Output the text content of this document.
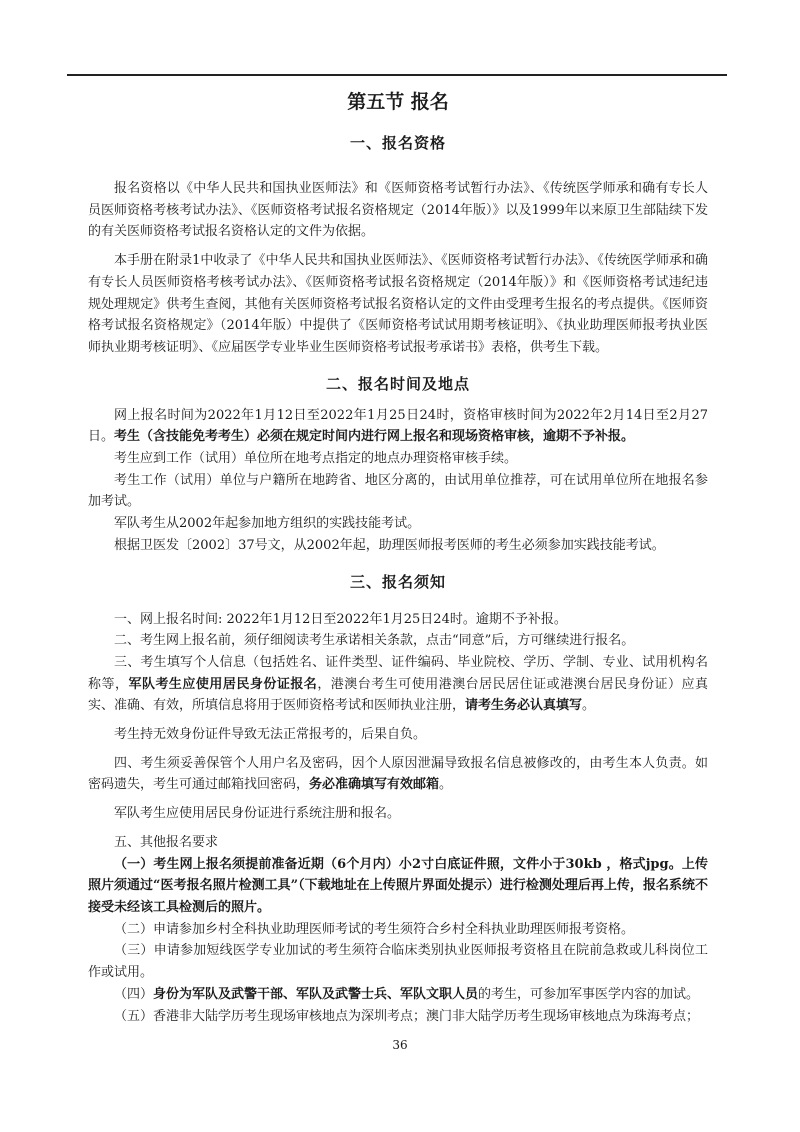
第五节 报名
一、报名资格

报名资格以《中华人民共和国执业医师法》和《医师资格考试暂行办法》、《传统医学师承和确有专长人员医师资格考核考试办法》、《医师资格考试报名资格规定（2014年版）》以及1999年以来原卫生部陆续下发的有关医师资格考试报名资格认定的文件为依据。

本手册在附录1中收录了《中华人民共和国执业医师法》、《医师资格考试暂行办法》、《传统医学师承和确有专长人员医师资格考核考试办法》、《医师资格考试报名资格规定（2014年版）》和《医师资格考试违纪违规处理规定》供考生查阅，其他有关医师资格考试报名资格认定的文件由受理考生报名的考点提供。《医师资格考试报名资格规定》（2014年版）中提供了《医师资格考试试用期考核证明》、《执业助理医师报考执业医师执业期考核证明》、《应届医学专业毕业生医师资格考试报考承诺书》表格，供考生下载。

二、报名时间及地点

网上报名时间为2022年1月12日至2022年1月25日24时，资格审核时间为2022年2月14日至2月27日。考生（含技能免考考生）必须在规定时间内进行网上报名和现场资格审核，逾期不予补报。

考生应到工作（试用）单位所在地考点指定的地点办理资格审核手续。

考生工作（试用）单位与户籍所在地跨省、地区分离的，由试用单位推荐，可在试用单位所在地报名参加考试。

军队考生从2002年起参加地方组织的实践技能考试。

根据卫医发〔2002〕37号文，从2002年起，助理医师报考医师的考生必须参加实践技能考试。

三、报名须知

一、网上报名时间: 2022年1月12日至2022年1月25日24时。逾期不予补报。

二、考生网上报名前，须仔细阅读考生承诺相关条款，点击“同意”后，方可继续进行报名。

三、考生填写个人信息（包括姓名、证件类型、证件编码、毕业院校、学历、学制、专业、试用机构名称等，军队考生应使用居民身份证报名，港澳台考生可使用港澳台居民居住证或港澳台居民身份证）应真实、准确、有效，所填信息将用于医师资格考试和医师执业注册，请考生务必认真填写。

考生持无效身份证件导致无法正常报考的，后果自负。

四、考生须妥善保管个人用户名及密码，因个人原因泄漏导致报名信息被修改的，由考生本人负责。如密码遗失，考生可通过邮箱找回密码，务必准确填写有效邮箱。

军队考生应使用居民身份证进行系统注册和报名。

五、其他报名要求

（一）考生网上报名须提前准备近期（6个月内）小2寸白底证件照，文件小于30kb ，格式jpg。上传照片须通过“医考报名照片检测工具”（下载地址在上传照片界面处提示）进行检测处理后再上传，报名系统不接受未经该工具检测后的照片。

（二）申请参加乡村全科执业助理医师考试的考生须符合乡村全科执业助理医师报考资格。

（三）申请参加短线医学专业加试的考生须符合临床类别执业医师报考资格且在院前急救或儿科岗位工作或试用。

（四）身份为军队及武警干部、军队及武警士兵、军队文职人员的考生，可参加军事医学内容的加试。

（五）香港非大陆学历考生现场审核地点为深圳考点；澳门非大陆学历考生现场审核地点为珠海考点；

36
